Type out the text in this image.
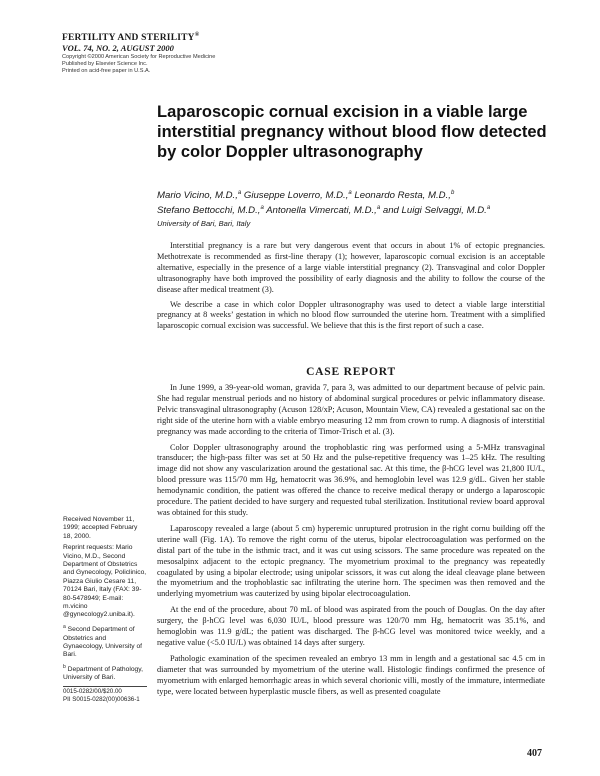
FERTILITY AND STERILITY®
VOL. 74, NO. 2, AUGUST 2000
Copyright ©2000 American Society for Reproductive Medicine
Published by Elsevier Science Inc.
Printed on acid-free paper in U.S.A.
Laparoscopic cornual excision in a viable large interstitial pregnancy without blood flow detected by color Doppler ultrasonography
Mario Vicino, M.D.,$^a$ Giuseppe Loverro, M.D.,$^a$ Leonardo Resta, M.D.,$^b$
Stefano Bettocchi, M.D.,$^a$ Antonella Vimercati, M.D.,$^a$ and Luigi Selvaggi, M.D.$^a$
University of Bari, Bari, Italy

Interstitial pregnancy is a rare but very dangerous event that occurs in about 1% of ectopic pregnancies. Methotrexate is recommended as first-line therapy (1); however, laparoscopic cornual excision is an acceptable alternative, especially in the presence of a large viable interstitial pregnancy (2). Transvaginal and color Doppler ultrasonography have both improved the possibility of early diagnosis and the ability to follow the course of the disease after medical treatment (3).

We describe a case in which color Doppler ultrasonography was used to detect a viable large interstitial pregnancy at 8 weeks’ gestation in which no blood flow surrounded the uterine horn. Treatment with a simplified laparoscopic cornual excision was successful. We believe that this is the first report of such a case.

CASE REPORT

In June 1999, a 39-year-old woman, gravida 7, para 3, was admitted to our department because of pelvic pain. She had regular menstrual periods and no history of abdominal surgical procedures or pelvic inflammatory disease. Pelvic transvaginal ultrasonography (Acuson 128/xP; Acuson, Mountain View, CA) revealed a gestational sac on the right side of the uterine horn with a viable embryo measuring 12 mm from crown to rump. A diagnosis of interstitial pregnancy was made according to the criteria of Timor-Trisch et al. (3).

Color Doppler ultrasonography around the trophoblastic ring was performed using a 5-MHz transvaginal transducer; the high-pass filter was set at 50 Hz and the pulse-repetitive frequency was 1–25 kHz. The resulting image did not show any vascularization around the gestational sac. At this time, the β-hCG level was 21,800 IU/L, blood pressure was 115/70 mm Hg, hematocrit was 36.9%, and hemoglobin level was 12.9 g/dL. Given her stable hemodynamic condition, the patient was offered the chance to receive medical therapy or undergo a laparoscopic procedure. The patient decided to have surgery and requested tubal sterilization. Institutional review board approval was obtained for this study.

Laparoscopy revealed a large (about 5 cm) hyperemic unruptured protrusion in the right cornu building off the uterine wall (Fig. 1A). To remove the right cornu of the uterus, bipolar electrocoagulation was performed on the distal part of the tube in the isthmic tract, and it was cut using scissors. The same procedure was repeated on the mesosalpinx adjacent to the ectopic pregnancy. The myometrium proximal to the pregnancy was repeatedly coagulated by using a bipolar electrode; using unipolar scissors, it was cut along the ideal cleavage plane between the myometrium and the trophoblastic sac infiltrating the uterine horn. The specimen was then removed and the underlying myometrium was cauterized by using bipolar electrocoagulation.

At the end of the procedure, about 70 mL of blood was aspirated from the pouch of Douglas. On the day after surgery, the β-hCG level was 6,030 IU/L, blood pressure was 120/70 mm Hg, hematocrit was 35.1%, and hemoglobin was 11.9 g/dL; the patient was discharged. The β-hCG level was monitored twice weekly, and a negative value (<5.0 IU/L) was obtained 14 days after surgery.

Pathologic examination of the specimen revealed an embryo 13 mm in length and a gestational sac 4.5 cm in diameter that was surrounded by myometrium of the uterine wall. Histologic findings confirmed the presence of myometrium with enlarged hemorrhagic areas in which several chorionic villi, mostly of the immature, intermediate type, were located between hyperplastic muscle fibers, as well as presented coagulate

Received November 11, 1999; accepted February 18, 2000.
Reprint requests: Mario Vicino, M.D., Second Department of Obstetrics and Gynecology, Policlinico, Piazza Giulio Cesare 11, 70124 Bari, Italy (FAX: 39-80-5478949; E-mail: m.vicino @gynecology2.uniba.it).
$^a$ Second Department of Obstetrics and Gynaecology, University of Bari.
$^b$ Department of Pathology, University of Bari.
0015-0282/00/$20.00
PII S0015-0282(00)00636-1
407
